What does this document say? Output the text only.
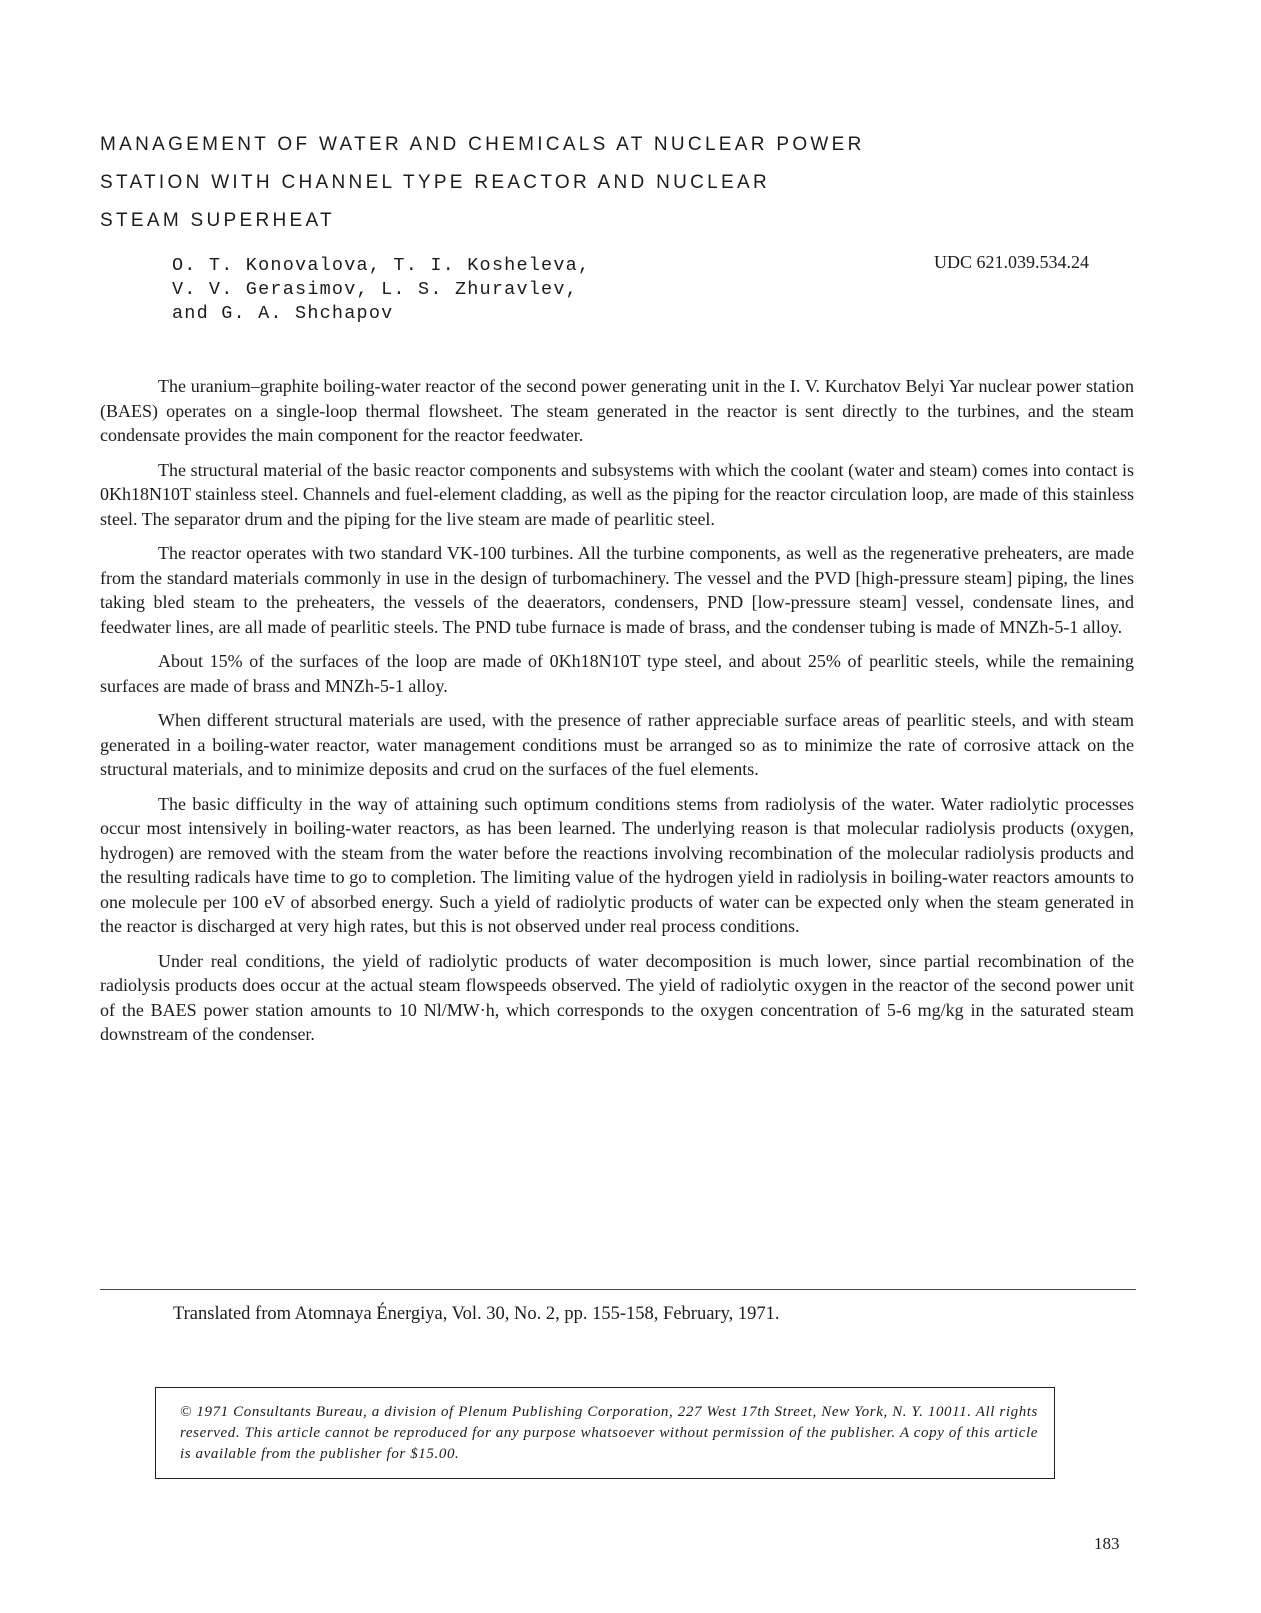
MANAGEMENT OF WATER AND CHEMICALS AT NUCLEAR POWER
STATION WITH CHANNEL TYPE REACTOR AND NUCLEAR
STEAM SUPERHEAT
O. T. Konovalova, T. I. Kosheleva,
V. V. Gerasimov, L. S. Zhuravlev,
and G. A. Shchapov
UDC 621.039.534.24

The uranium–graphite boiling-water reactor of the second power generating unit in the I. V. Kurchatov Belyi Yar nuclear power station (BAES) operates on a single-loop thermal flowsheet. The steam generated in the reactor is sent directly to the turbines, and the steam condensate provides the main component for the reactor feedwater.

The structural material of the basic reactor components and subsystems with which the coolant (water and steam) comes into contact is 0Kh18N10T stainless steel. Channels and fuel-element cladding, as well as the piping for the reactor circulation loop, are made of this stainless steel. The separator drum and the piping for the live steam are made of pearlitic steel.

The reactor operates with two standard VK-100 turbines. All the turbine components, as well as the regenerative preheaters, are made from the standard materials commonly in use in the design of turbomachinery. The vessel and the PVD [high-pressure steam] piping, the lines taking bled steam to the preheaters, the vessels of the deaerators, condensers, PND [low-pressure steam] vessel, condensate lines, and feedwater lines, are all made of pearlitic steels. The PND tube furnace is made of brass, and the condenser tubing is made of MNZh-5-1 alloy.

About 15% of the surfaces of the loop are made of 0Kh18N10T type steel, and about 25% of pearlitic steels, while the remaining surfaces are made of brass and MNZh-5-1 alloy.

When different structural materials are used, with the presence of rather appreciable surface areas of pearlitic steels, and with steam generated in a boiling-water reactor, water management conditions must be arranged so as to minimize the rate of corrosive attack on the structural materials, and to minimize deposits and crud on the surfaces of the fuel elements.

The basic difficulty in the way of attaining such optimum conditions stems from radiolysis of the water. Water radiolytic processes occur most intensively in boiling-water reactors, as has been learned. The underlying reason is that molecular radiolysis products (oxygen, hydrogen) are removed with the steam from the water before the reactions involving recombination of the molecular radiolysis products and the resulting radicals have time to go to completion. The limiting value of the hydrogen yield in radiolysis in boiling-water reactors amounts to one molecule per 100 eV of absorbed energy. Such a yield of radiolytic products of water can be expected only when the steam generated in the reactor is discharged at very high rates, but this is not observed under real process conditions.

Under real conditions, the yield of radiolytic products of water decomposition is much lower, since partial recombination of the radiolysis products does occur at the actual steam flowspeeds observed. The yield of radiolytic oxygen in the reactor of the second power unit of the BAES power station amounts to 10 Nl/MW·h, which corresponds to the oxygen concentration of 5-6 mg/kg in the saturated steam downstream of the condenser.

Translated from Atomnaya Énergiya, Vol. 30, No. 2, pp. 155-158, February, 1971.
© 1971 Consultants Bureau, a division of Plenum Publishing Corporation, 227 West 17th Street, New York, N. Y. 10011. All rights reserved. This article cannot be reproduced for any purpose whatsoever without permission of the publisher. A copy of this article is available from the publisher for $15.00.
183
